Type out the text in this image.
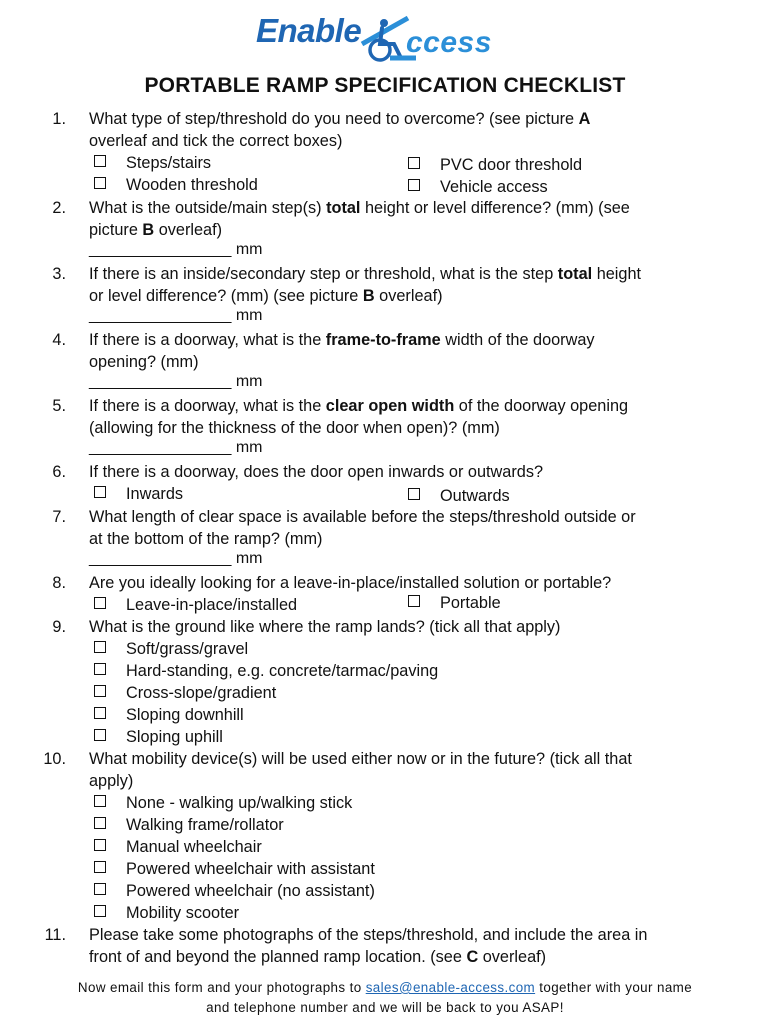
Enable ccess
PORTABLE RAMP SPECIFICATION CHECKLIST
1. What type of step/threshold do you need to overcome? (see picture A
overleaf and tick the correct boxes)
Steps/stairs	PVC door threshold
Wooden threshold	Vehicle access
2. What is the outside/main step(s) total height or level difference? (mm) (see
picture B overleaf)
________________ mm
3. If there is an inside/secondary step or threshold, what is the step total height
or level difference? (mm) (see picture B overleaf)
________________ mm
4. If there is a doorway, what is the frame-to-frame width of the doorway
opening? (mm)
________________ mm
5. If there is a doorway, what is the clear open width of the doorway opening
(allowing for the thickness of the door when open)? (mm)
________________ mm
6. If there is a doorway, does the door open inwards or outwards?
Inwards	Outwards
7. What length of clear space is available before the steps/threshold outside or
at the bottom of the ramp? (mm)
________________ mm
8. Are you ideally looking for a leave-in-place/installed solution or portable?
Leave-in-place/installed	Portable
9. What is the ground like where the ramp lands? (tick all that apply)
Soft/grass/gravel
Hard-standing, e.g. concrete/tarmac/paving
Cross-slope/gradient
Sloping downhill
Sloping uphill
10. What mobility device(s) will be used either now or in the future? (tick all that
apply)
None - walking up/walking stick
Walking frame/rollator
Manual wheelchair
Powered wheelchair with assistant
Powered wheelchair (no assistant)
Mobility scooter
11. Please take some photographs of the steps/threshold, and include the area in
front of and beyond the planned ramp location. (see C overleaf)
Now email this form and your photographs to sales@enable-access.com together with your name
and telephone number and we will be back to you ASAP!
